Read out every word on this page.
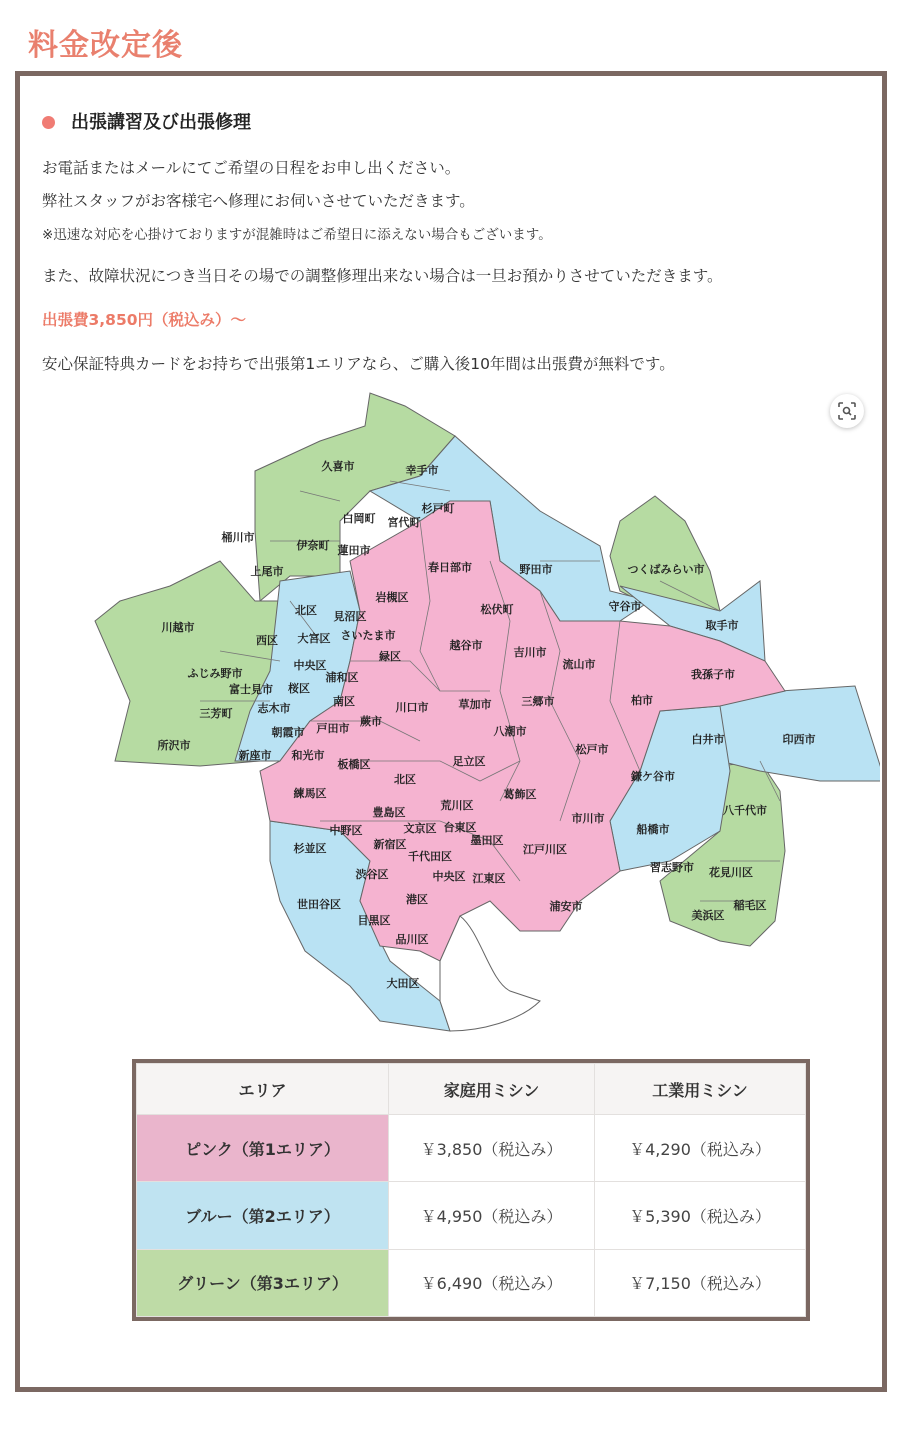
料金改定後
出張講習及び出張修理
お電話またはメールにてご希望の日程をお申し出ください。
弊社スタッフがお客様宅へ修理にお伺いさせていただきます。
※迅速な対応を心掛けておりますが混雑時はご希望日に添えない場合もございます。
また、故障状況につき当日その場での調整修理出来ない場合は一旦お預かりさせていただきます。
出張費3,850円（税込み）～
安心保証特典カードをお持ちで出張第1エリアなら、ご購入後10年間は出張費が無料です。
久喜市	幸手市
杉戸町
白岡町 宮代町
桶川市
伊奈町 蓮田市
上尾市	春日部市	野田市	つくばみらい市
岩槻区
守谷市
北区 見沼区
松伏町
大宮区 さいたま市
川越市
西区
取手市
越谷市
中央区
緑区	吉川市
ふじみ野市	浦和区
流山市
富士見市 桜区
我孫子市
南区
志木市
三芳町	川口市	草加市	三郷市	柏市
戸田市
蕨市
八潮市
朝霞市
白井市	印西市
所沢市
新座市 和光市	松戸市
板橋区	足立区
北区	鎌ケ谷市
練馬区
荒川区
葛飾区
八千代市
豊島区
中野区	文京区 台東区
市川市
船橋市
杉並区	新宿区	墨田区
千代田区
江戸川区
習志野市 花見川区
渋谷区	中央区 江東区
美浜区
稲毛区
世田谷区	港区
浦安市
目黒区
品川区
大田区
エリア	家庭用ミシン	工業用ミシン
ピンク（第1エリア）	￥3,850（税込み）	￥4,290（税込み）
ブルー（第2エリア）	￥4,950（税込み）	￥5,390（税込み）
グリーン（第3エリア）	￥6,490（税込み）	￥7,150（税込み）
